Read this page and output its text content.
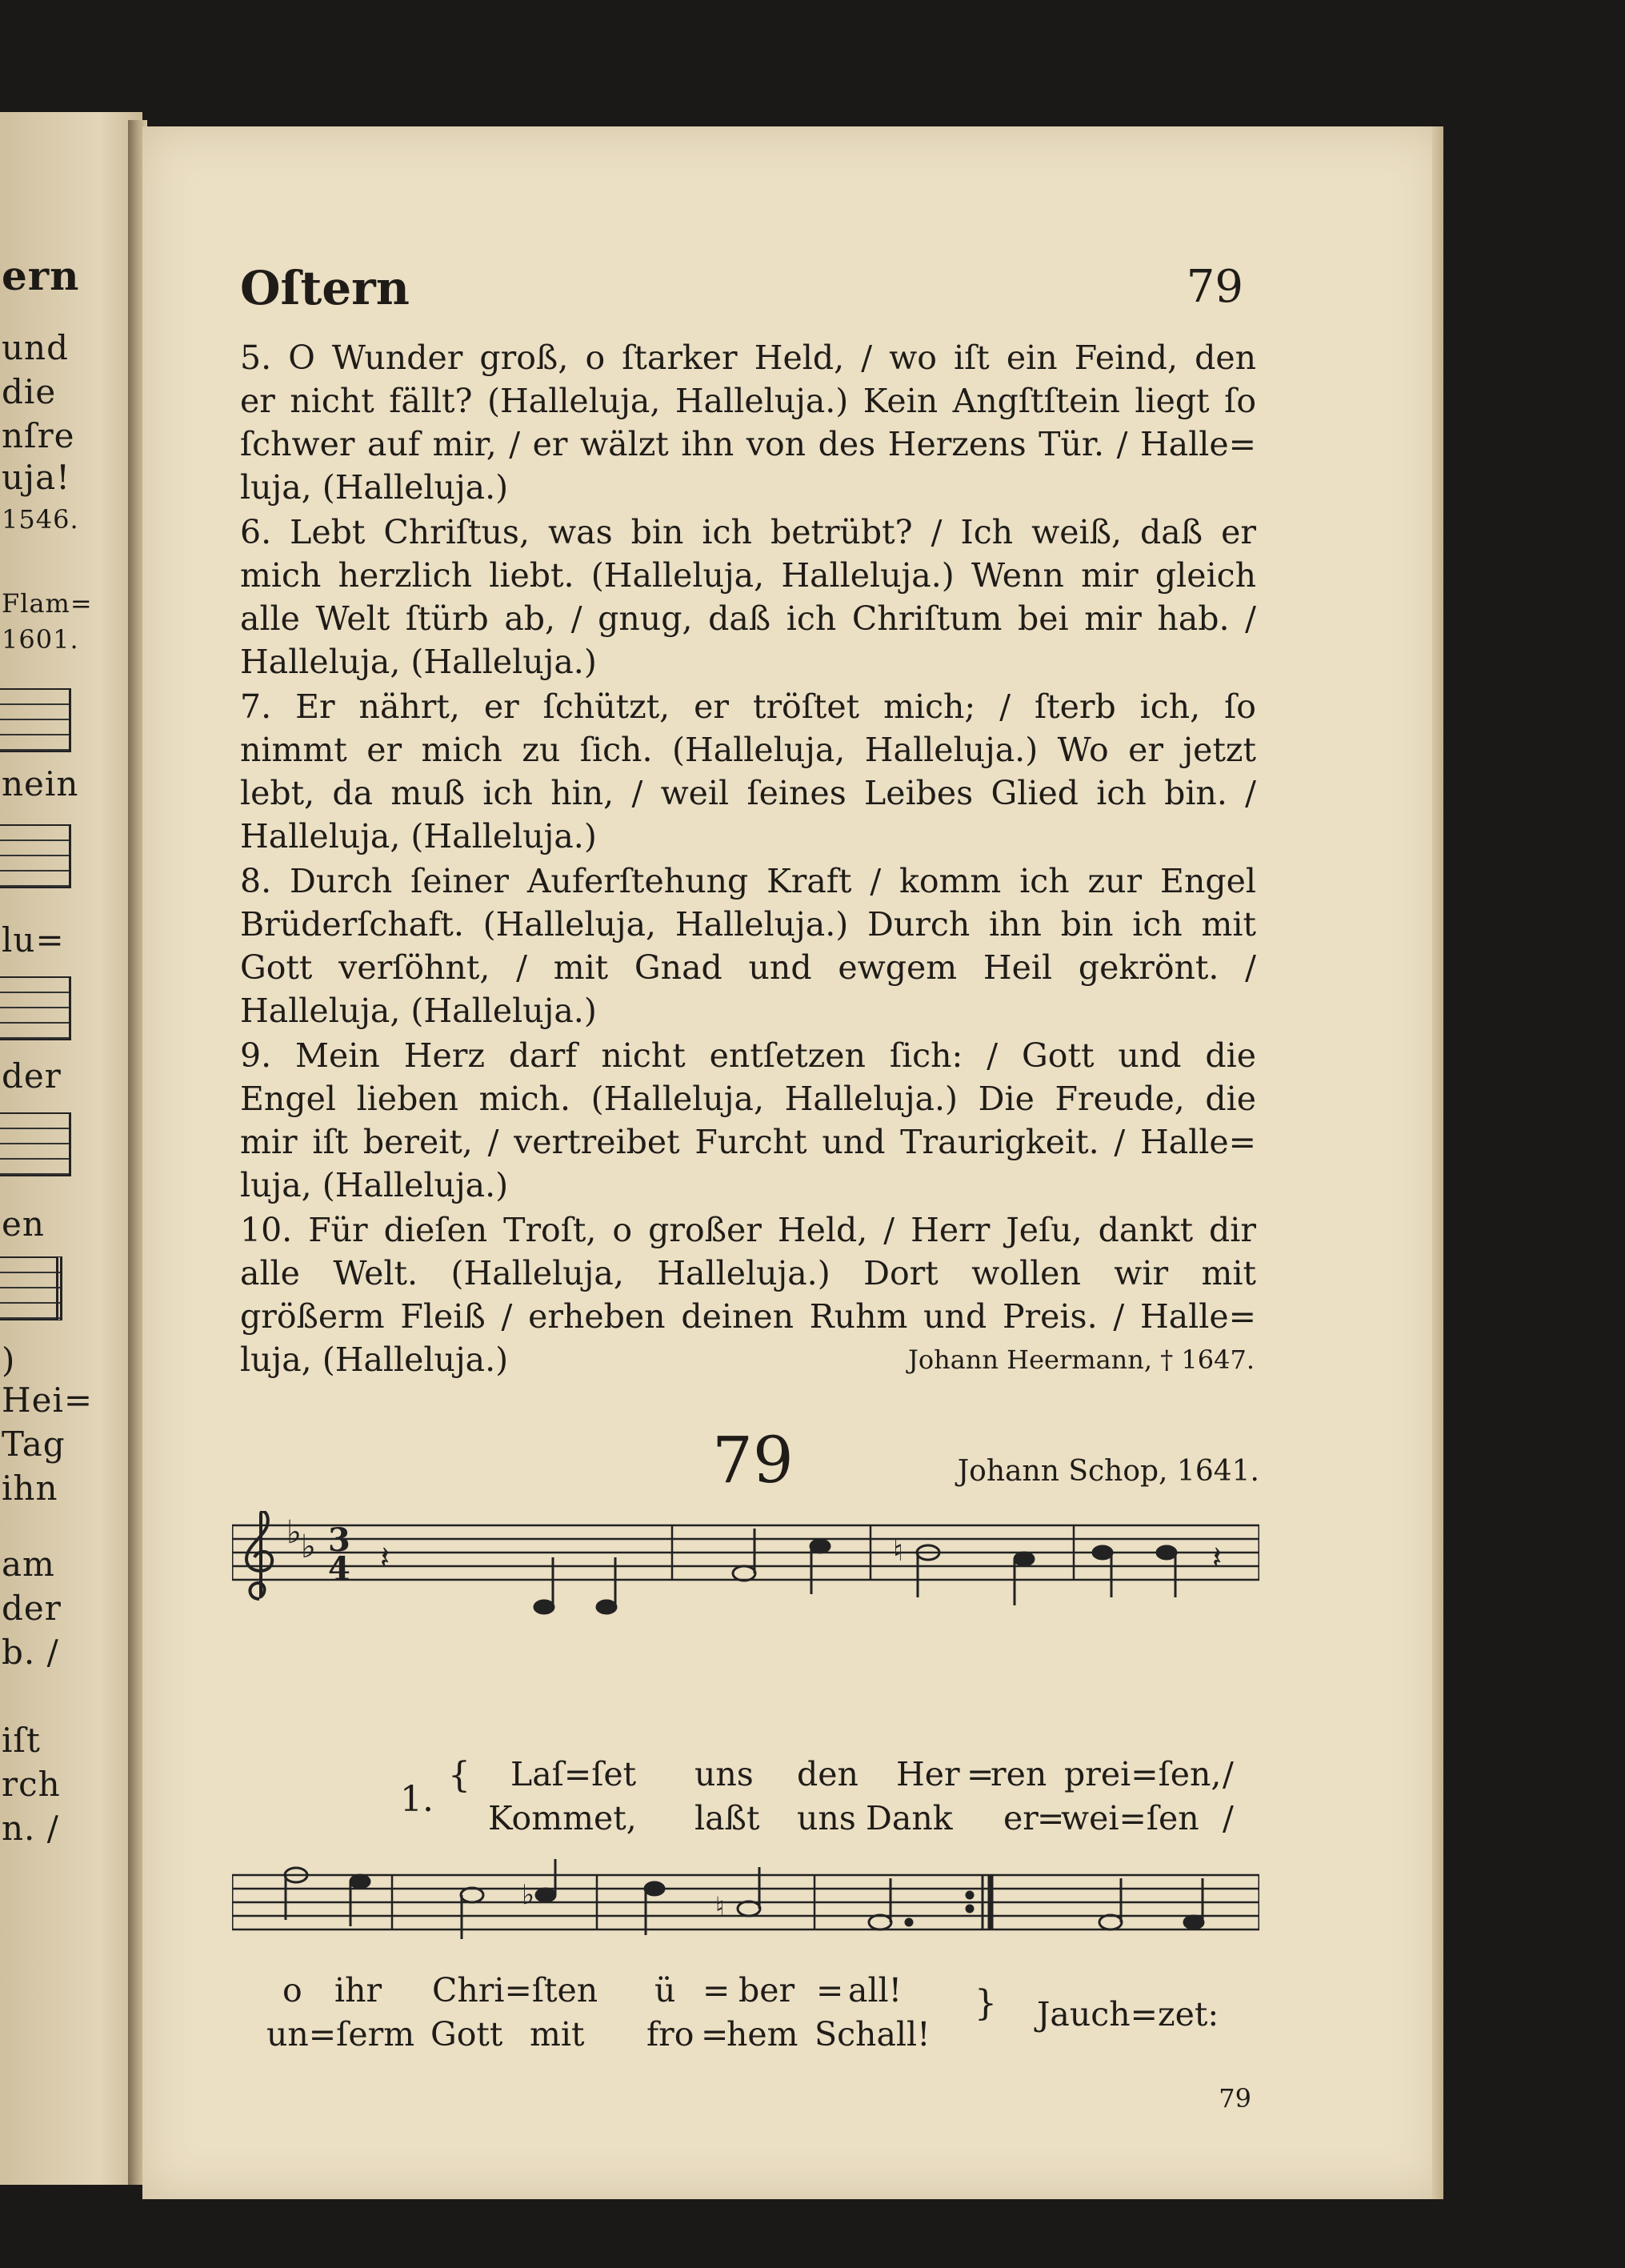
ern
und
die
nſre
uja!
1546.
Flam=
1601.
nein
lu=
der
en
)
Hei=
Tag
ihn
am
der
b. /
iſt
rch
n. /
Oſtern	79
5. O Wunder groß, o ſtarker Held, / wo iſt ein Feind, den
er nicht fällt? (Halleluja, Halleluja.) Kein Angſtſtein liegt ſo
ſchwer auf mir, / er wälzt ihn von des Herzens Tür. / Halle=
luja, (Halleluja.)
6. Lebt Chriſtus, was bin ich betrübt? / Ich weiß, daß er
mich herzlich liebt. (Halleluja, Halleluja.) Wenn mir gleich
alle Welt ſtürb ab, / gnug, daß ich Chriſtum bei mir hab. /
Halleluja, (Halleluja.)
7. Er nährt, er ſchützt, er tröſtet mich; / ſterb ich, ſo
nimmt er mich zu ſich. (Halleluja, Halleluja.) Wo er jetzt
lebt, da muß ich hin, / weil ſeines Leibes Glied ich bin. /
Halleluja, (Halleluja.)
8. Durch ſeiner Auferſtehung Kraft / komm ich zur Engel
Brüderſchaft. (Halleluja, Halleluja.) Durch ihn bin ich mit
Gott verſöhnt, / mit Gnad und ewgem Heil gekrönt. /
Halleluja, (Halleluja.)
9. Mein Herz darf nicht entſetzen ſich: / Gott und die
Engel lieben mich. (Halleluja, Halleluja.) Die Freude, die
mir iſt bereit, / vertreibet Furcht und Traurigkeit. / Halle=
luja, (Halleluja.)
10. Für dieſen Troſt, o großer Held, / Herr Jeſu, dankt dir
alle Welt. (Halleluja, Halleluja.) Dort wollen wir mit
größerm Fleiß / erheben deinen Ruhm und Preis. / Halle=
luja, (Halleluja.)	Johann Heermann, † 1647.
79	Johann Schop, 1641.
♭ ♭ 3
4 𝄽	♮	𝄽
1.
{ Laſ=ſet uns den Her =
ren prei=ſen, /
Kommet, laßt uns Dank er
=
wei=ſen /
♭	♮
o ihr Chri=ſten ü = ber = all! }
un=ſerm Gott mit fro =
hem Schall!
Jauch=zet:
79
